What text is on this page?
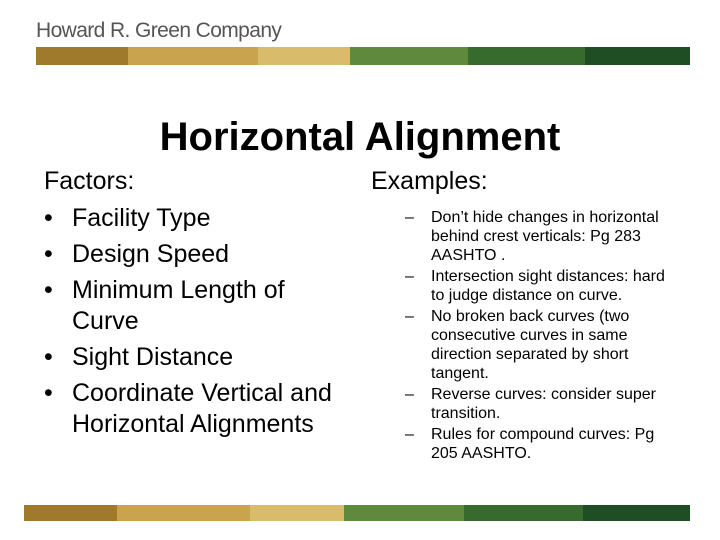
Howard R. Green Company
Horizontal Alignment
Factors:
• Facility Type
• Design Speed
• Minimum Length of Curve
• Sight Distance
• Coordinate Vertical and Horizontal Alignments
Examples:
– Don’t hide changes in horizontal behind crest verticals: Pg 283 AASHTO .
– Intersection sight distances: hard to judge distance on curve.
– No broken back curves (two consecutive curves in same direction separated by short tangent.
– Reverse curves: consider super transition.
– Rules for compound curves: Pg 205 AASHTO.
